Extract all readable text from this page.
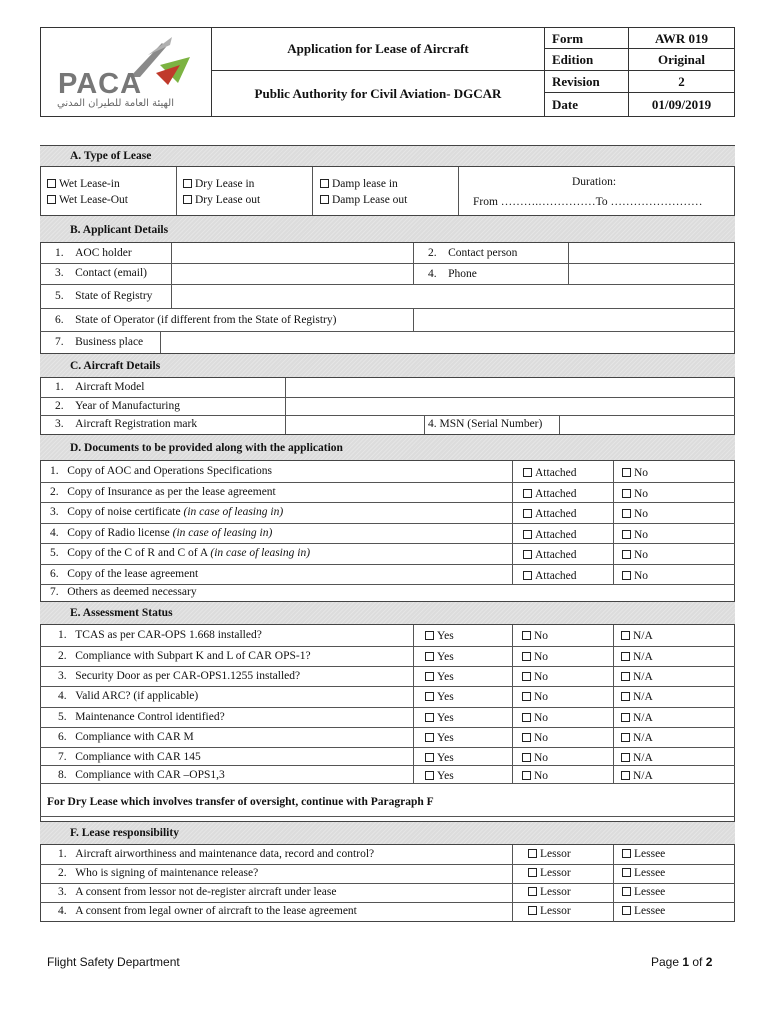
PACA
الهيئة العامة للطيران المدني
Application for Lease of Aircraft
Public Authority for Civil Aviation- DGCAR
Form	AWR 019
Edition	Original
Revision	2
Date	01/09/2019
A. Type of Lease
Wet Lease-in
Wet Lease-Out
Dry Lease in
Dry Lease out
Damp lease in
Damp Lease out
Duration:
From ……….……………To ……………………
B. Applicant Details
1. AOC holder	2. Contact person
3. Contact (email)	4. Phone
5. State of Registry
6. State of Operator (if different from the State of Registry)
7. Business place
C. Aircraft Details
1. Aircraft Model
2. Year of Manufacturing
3. Aircraft Registration mark	4. MSN (Serial Number)
D. Documents to be provided along with the application
7. Others as deemed necessary
E. Assessment Status
For Dry Lease which involves transfer of oversight, continue with Paragraph F
F. Lease responsibility
Flight Safety Department	Page 1 of 2
1. Copy of AOC and Operations Specifications	Attached	No
2. Copy of Insurance as per the lease agreement	Attached	No
3. Copy of noise certificate (in case of leasing in)	Attached	No
4. Copy of Radio license (in case of leasing in)	Attached	No
5. Copy of the C of R and C of A (in case of leasing in)	Attached	No
6. Copy of the lease agreement	Attached	No
1. TCAS as per CAR-OPS 1.668 installed?	Yes	No	N/A
2. Compliance with Subpart K and L of CAR OPS-1?	Yes	No	N/A
3. Security Door as per CAR-OPS1.1255 installed?	Yes	No	N/A
4. Valid ARC? (if applicable)	Yes	No	N/A
5. Maintenance Control identified?	Yes	No	N/A
6. Compliance with CAR M	Yes	No	N/A
7. Compliance with CAR 145	Yes	No	N/A
8. Compliance with CAR –OPS1,3	Yes	No	N/A
1. Aircraft airworthiness and maintenance data, record and control?	Lessor	Lessee
2. Who is signing of maintenance release?	Lessor	Lessee
3. A consent from lessor not de-register aircraft under lease	Lessor	Lessee
4. A consent from legal owner of aircraft to the lease agreement	Lessor	Lessee
